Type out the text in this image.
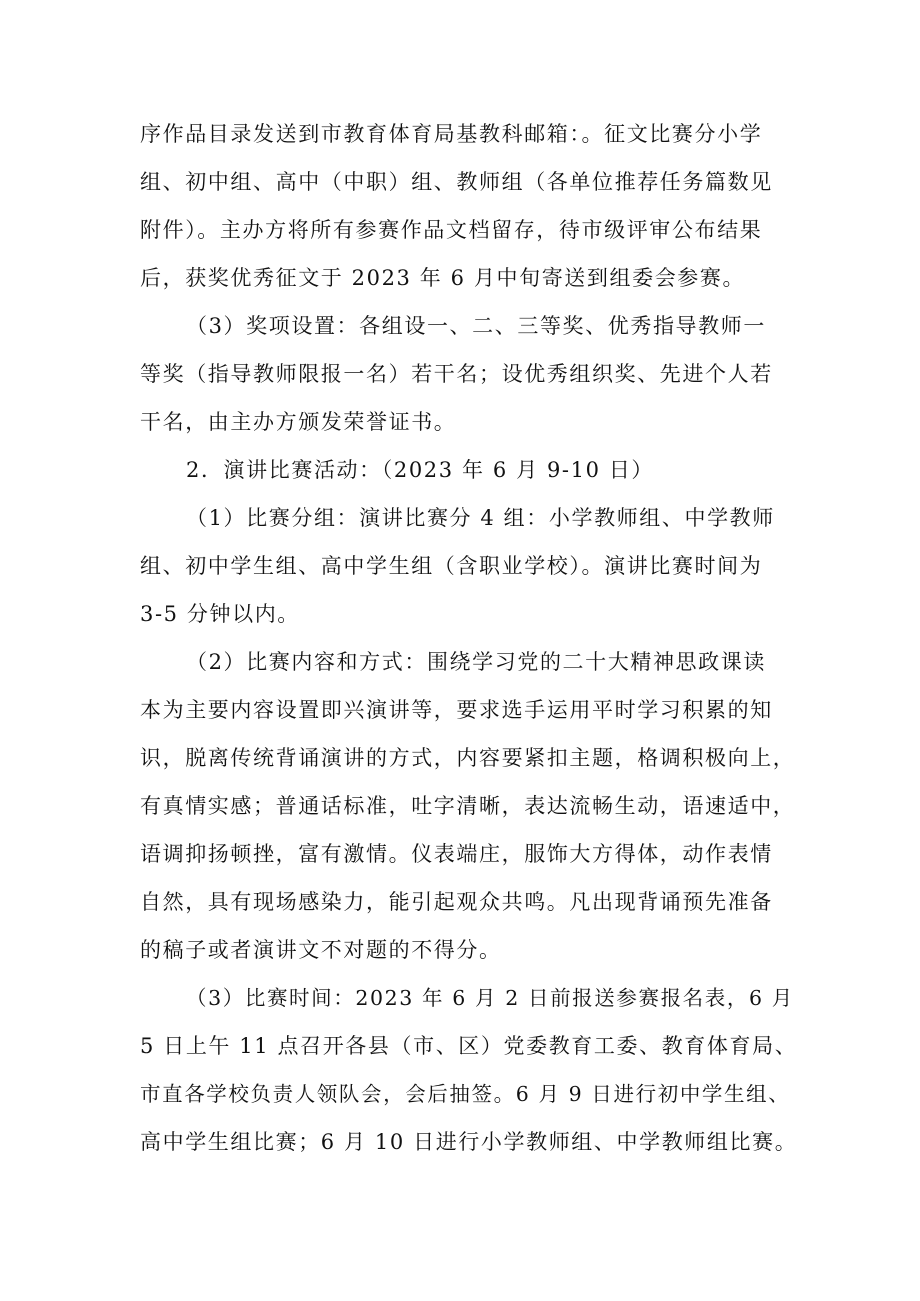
序作品目录发送到市教育体育局基教科邮箱：。征文比赛分小学
组、初中组、高中（中职）组、教师组（各单位推荐任务篇数见
附件）。主办方将所有参赛作品文档留存，待市级评审公布结果
后，获奖优秀征文于 2023 年 6 月中旬寄送到组委会参赛。
（3）奖项设置：各组设一、二、三等奖、优秀指导教师一
等奖（指导教师限报一名）若干名；设优秀组织奖、先进个人若
干名，由主办方颁发荣誉证书。
2．演讲比赛活动：（2023 年 6 月 9-10 日）
（1）比赛分组：演讲比赛分 4 组：小学教师组、中学教师
组、初中学生组、高中学生组（含职业学校）。演讲比赛时间为
3-5 分钟以内。
（2）比赛内容和方式：围绕学习党的二十大精神思政课读
本为主要内容设置即兴演讲等，要求选手运用平时学习积累的知
识，脱离传统背诵演讲的方式，内容要紧扣主题，格调积极向上，
有真情实感；普通话标准，吐字清晰，表达流畅生动，语速适中，
语调抑扬顿挫，富有激情。仪表端庄，服饰大方得体，动作表情
自然，具有现场感染力，能引起观众共鸣。凡出现背诵预先准备
的稿子或者演讲文不对题的不得分。
（3）比赛时间：2023 年 6 月 2 日前报送参赛报名表，6 月
5 日上午 11 点召开各县（市、区）党委教育工委、教育体育局、
市直各学校负责人领队会，会后抽签。6 月 9 日进行初中学生组、
高中学生组比赛；6 月 10 日进行小学教师组、中学教师组比赛。
